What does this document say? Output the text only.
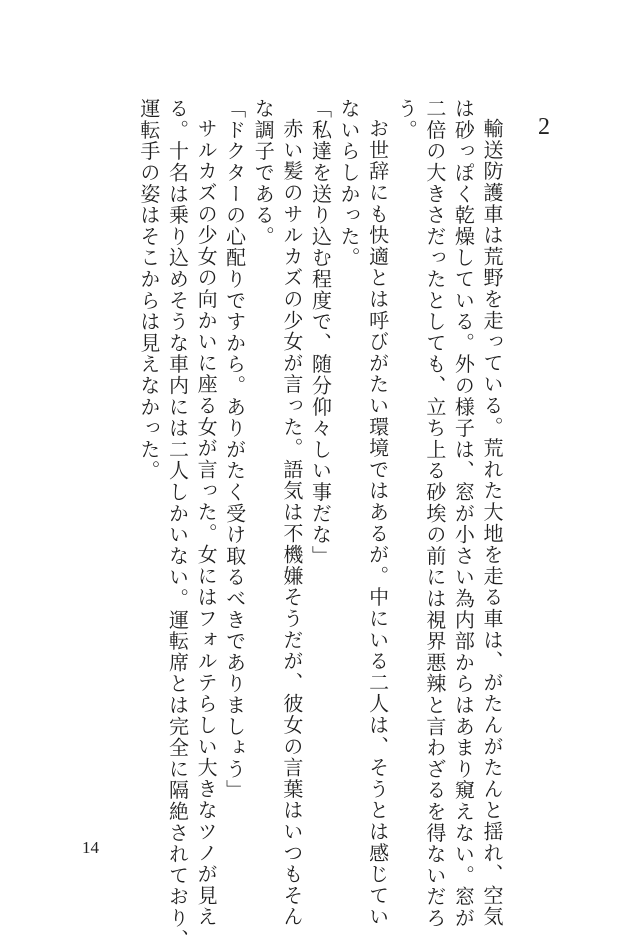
2
輸送防護車は荒野を走っている。荒れた大地を走る車は、がたんがたんと揺れ、空気
は砂っぽく乾燥している。外の様子は、窓が小さい為内部からはあまり窺えない。窓が
二倍の大きさだったとしても、立ち上る砂埃の前には視界悪辣と言わざるを得ないだろ
う。
お世辞にも快適とは呼びがたい環境ではあるが。中にいる二人は、そうとは感じてい
ないらしかった。
「私達を送り込む程度で、随分仰々しい事だな」
赤い髪のサルカズの少女が言った。語気は不機嫌そうだが、彼女の言葉はいつもそん
な調子である。
「ドクターの心配りですから。ありがたく受け取るべきでありましょう」
サルカズの少女の向かいに座る女が言った。女にはフォルテらしい大きなツノが見え
る。十名は乗り込めそうな車内には二人しかいない。運転席とは完全に隔絶されており、
運転手の姿はそこからは見えなかった。
14
